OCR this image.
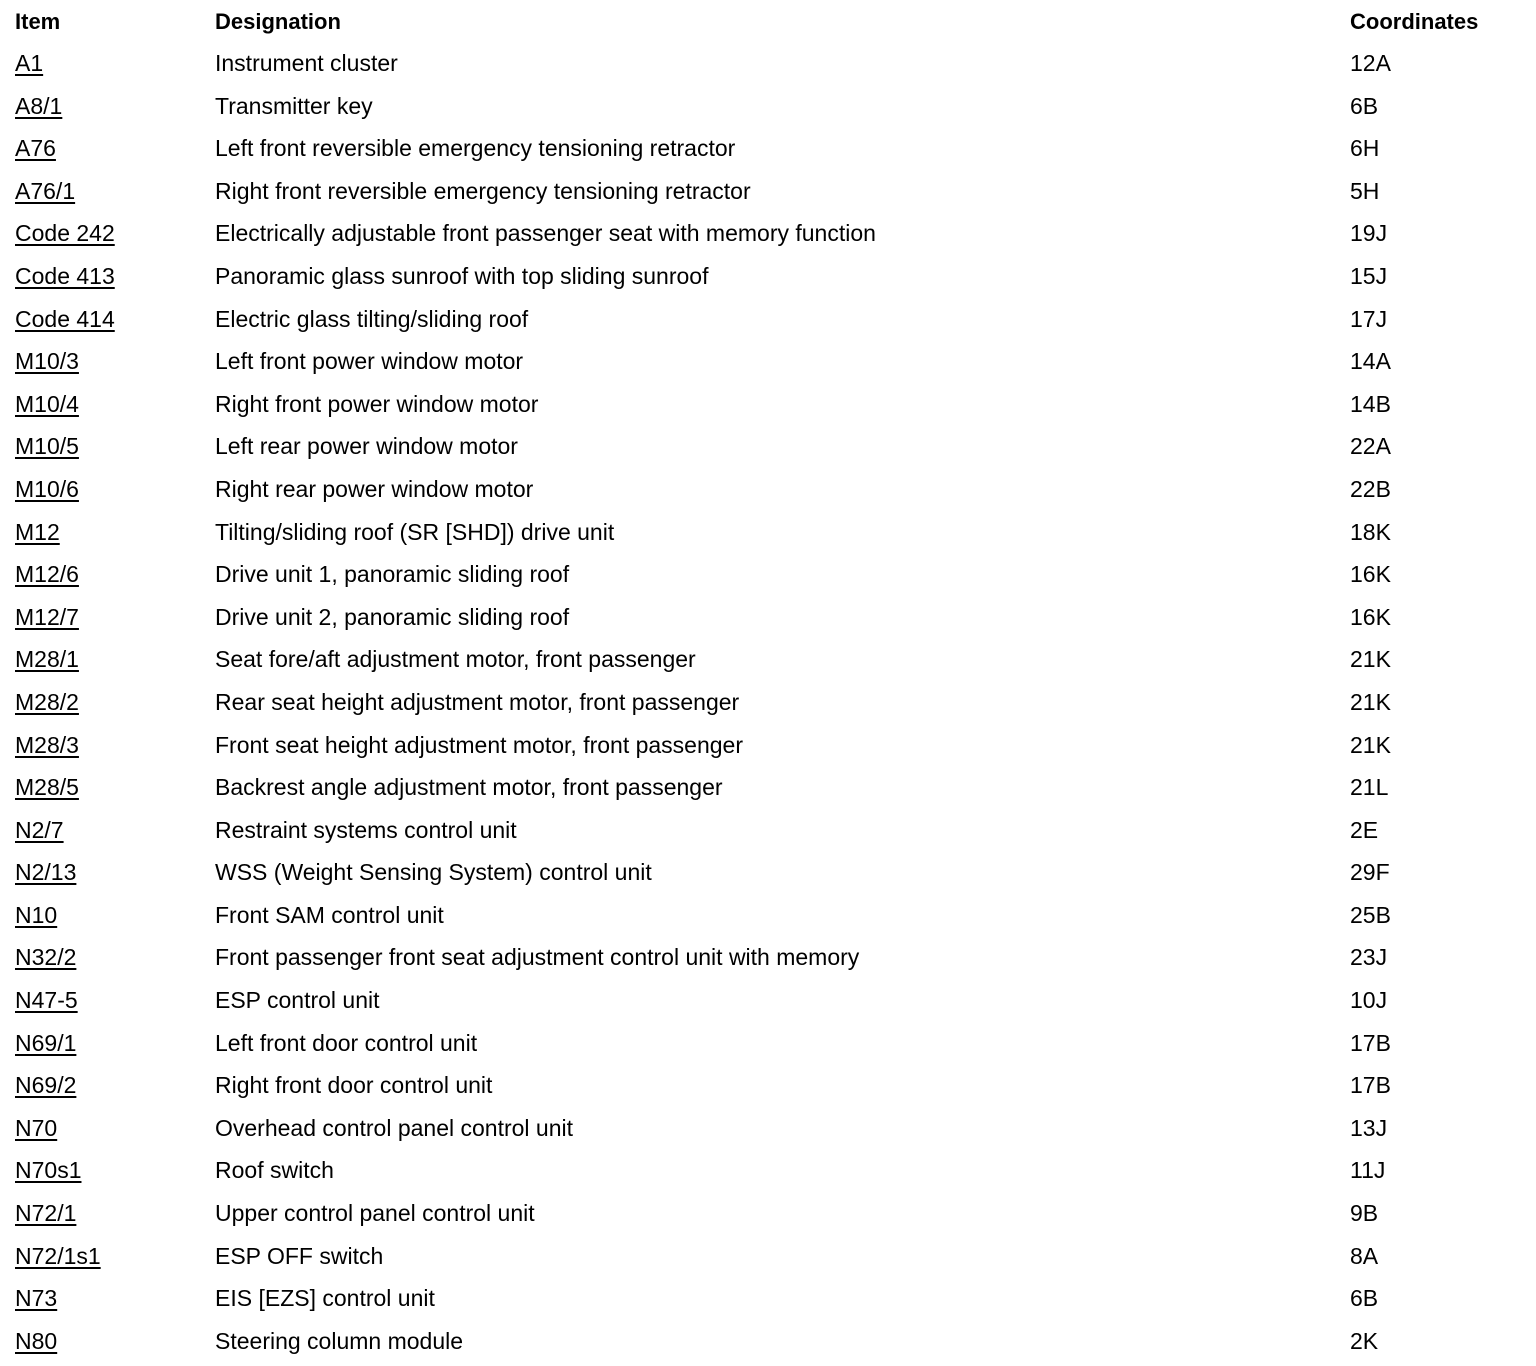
Item	Designation	Coordinates
A1	Instrument cluster	12A
A8/1	Transmitter key	6B
A76	Left front reversible emergency tensioning retractor	6H
A76/1	Right front reversible emergency tensioning retractor	5H
Code 242	Electrically adjustable front passenger seat with memory function	19J
Code 413	Panoramic glass sunroof with top sliding sunroof	15J
Code 414	Electric glass tilting/sliding roof	17J
M10/3	Left front power window motor	14A
M10/4	Right front power window motor	14B
M10/5	Left rear power window motor	22A
M10/6	Right rear power window motor	22B
M12	Tilting/sliding roof (SR [SHD]) drive unit	18K
M12/6	Drive unit 1, panoramic sliding roof	16K
M12/7	Drive unit 2, panoramic sliding roof	16K
M28/1	Seat fore/aft adjustment motor, front passenger	21K
M28/2	Rear seat height adjustment motor, front passenger	21K
M28/3	Front seat height adjustment motor, front passenger	21K
M28/5	Backrest angle adjustment motor, front passenger	21L
N2/7	Restraint systems control unit	2E
N2/13	WSS (Weight Sensing System) control unit	29F
N10	Front SAM control unit	25B
N32/2	Front passenger front seat adjustment control unit with memory	23J
N47-5	ESP control unit	10J
N69/1	Left front door control unit	17B
N69/2	Right front door control unit	17B
N70	Overhead control panel control unit	13J
N70s1	Roof switch	11J
N72/1	Upper control panel control unit	9B
N72/1s1	ESP OFF switch	8A
N73	EIS [EZS] control unit	6B
N80	Steering column module	2K
